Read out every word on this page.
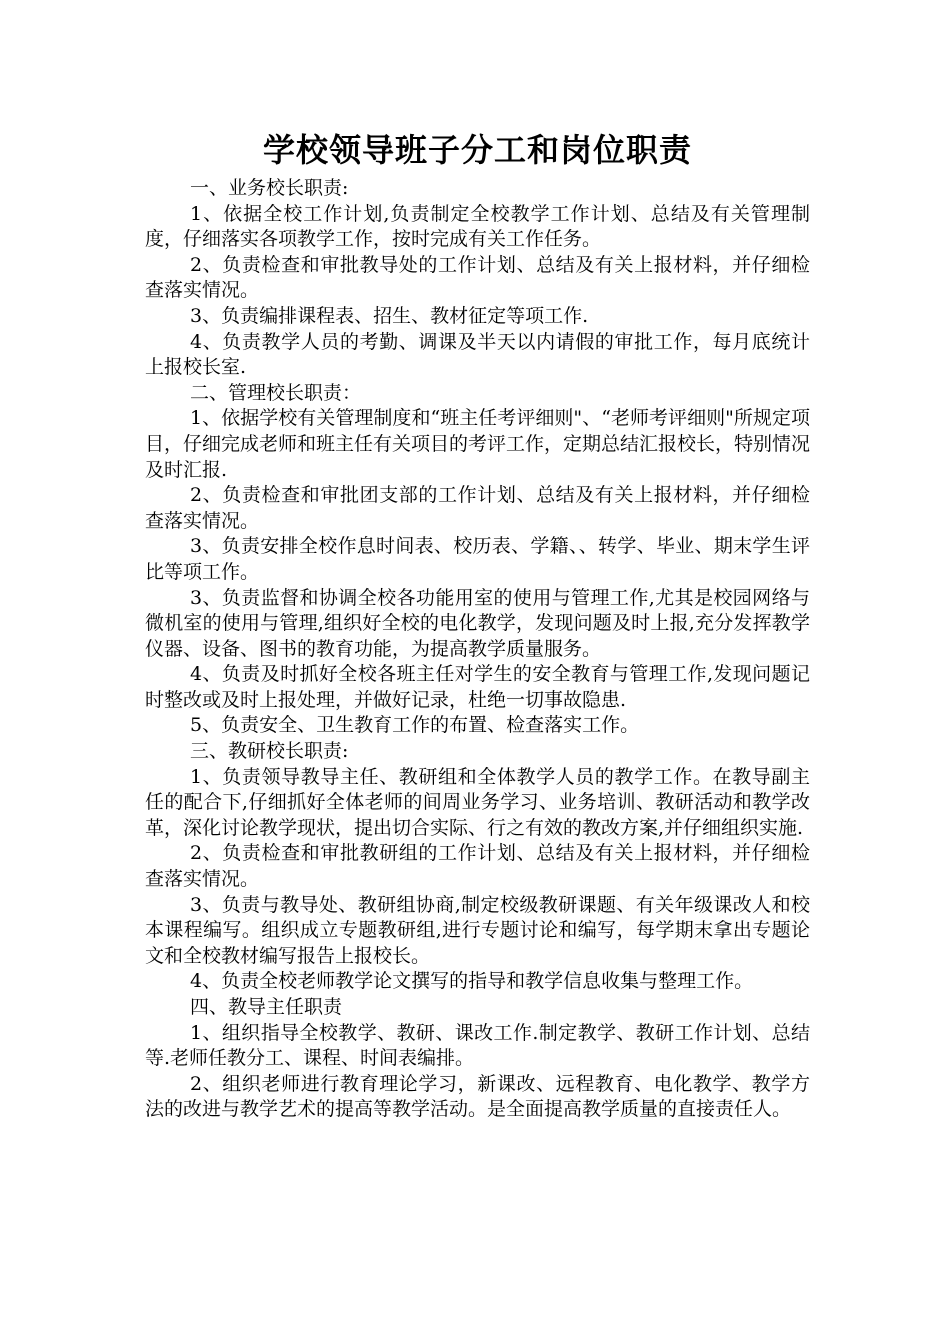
学校领导班子分工和岗位职责

一、业务校长职责:

1、依据全校工作计划,负责制定全校教学工作计划、总结及有关管理制度，仔细落实各项教学工作，按时完成有关工作任务。

2、负责检查和审批教导处的工作计划、总结及有关上报材料，并仔细检查落实情况。

3、负责编排课程表、招生、教材征定等项工作.

4、负责教学人员的考勤、调课及半天以内请假的审批工作，每月底统计上报校长室.

二、管理校长职责：

1、依据学校有关管理制度和“班主任考评细则"、“老师考评细则"所规定项目，仔细完成老师和班主任有关项目的考评工作，定期总结汇报校长，特别情况及时汇报.

2、负责检查和审批团支部的工作计划、总结及有关上报材料，并仔细检查落实情况。

3、负责安排全校作息时间表、校历表、学籍、、转学、毕业、期末学生评比等项工作。

3、负责监督和协调全校各功能用室的使用与管理工作,尤其是校园网络与微机室的使用与管理,组织好全校的电化教学，发现问题及时上报,充分发挥教学仪器、设备、图书的教育功能，为提高教学质量服务。

4、负责及时抓好全校各班主任对学生的安全教育与管理工作,发现问题记时整改或及时上报处理，并做好记录，杜绝一切事故隐患.

5、负责安全、卫生教育工作的布置、检查落实工作。

三、教研校长职责:

1、负责领导教导主任、教研组和全体教学人员的教学工作。在教导副主任的配合下,仔细抓好全体老师的间周业务学习、业务培训、教研活动和教学改革，深化讨论教学现状，提出切合实际、行之有效的教改方案,并仔细组织实施.

2、负责检查和审批教研组的工作计划、总结及有关上报材料，并仔细检查落实情况。

3、负责与教导处、教研组协商,制定校级教研课题、有关年级课改人和校本课程编写。组织成立专题教研组,进行专题讨论和编写，每学期末拿出专题论文和全校教材编写报告上报校长。

4、负责全校老师教学论文撰写的指导和教学信息收集与整理工作。

四、教导主任职责

1、组织指导全校教学、教研、课改工作.制定教学、教研工作计划、总结等.老师任教分工、课程、时间表编排。

2、组织老师进行教育理论学习，新课改、远程教育、电化教学、教学方法的改进与教学艺术的提高等教学活动。是全面提高教学质量的直接责任人。
